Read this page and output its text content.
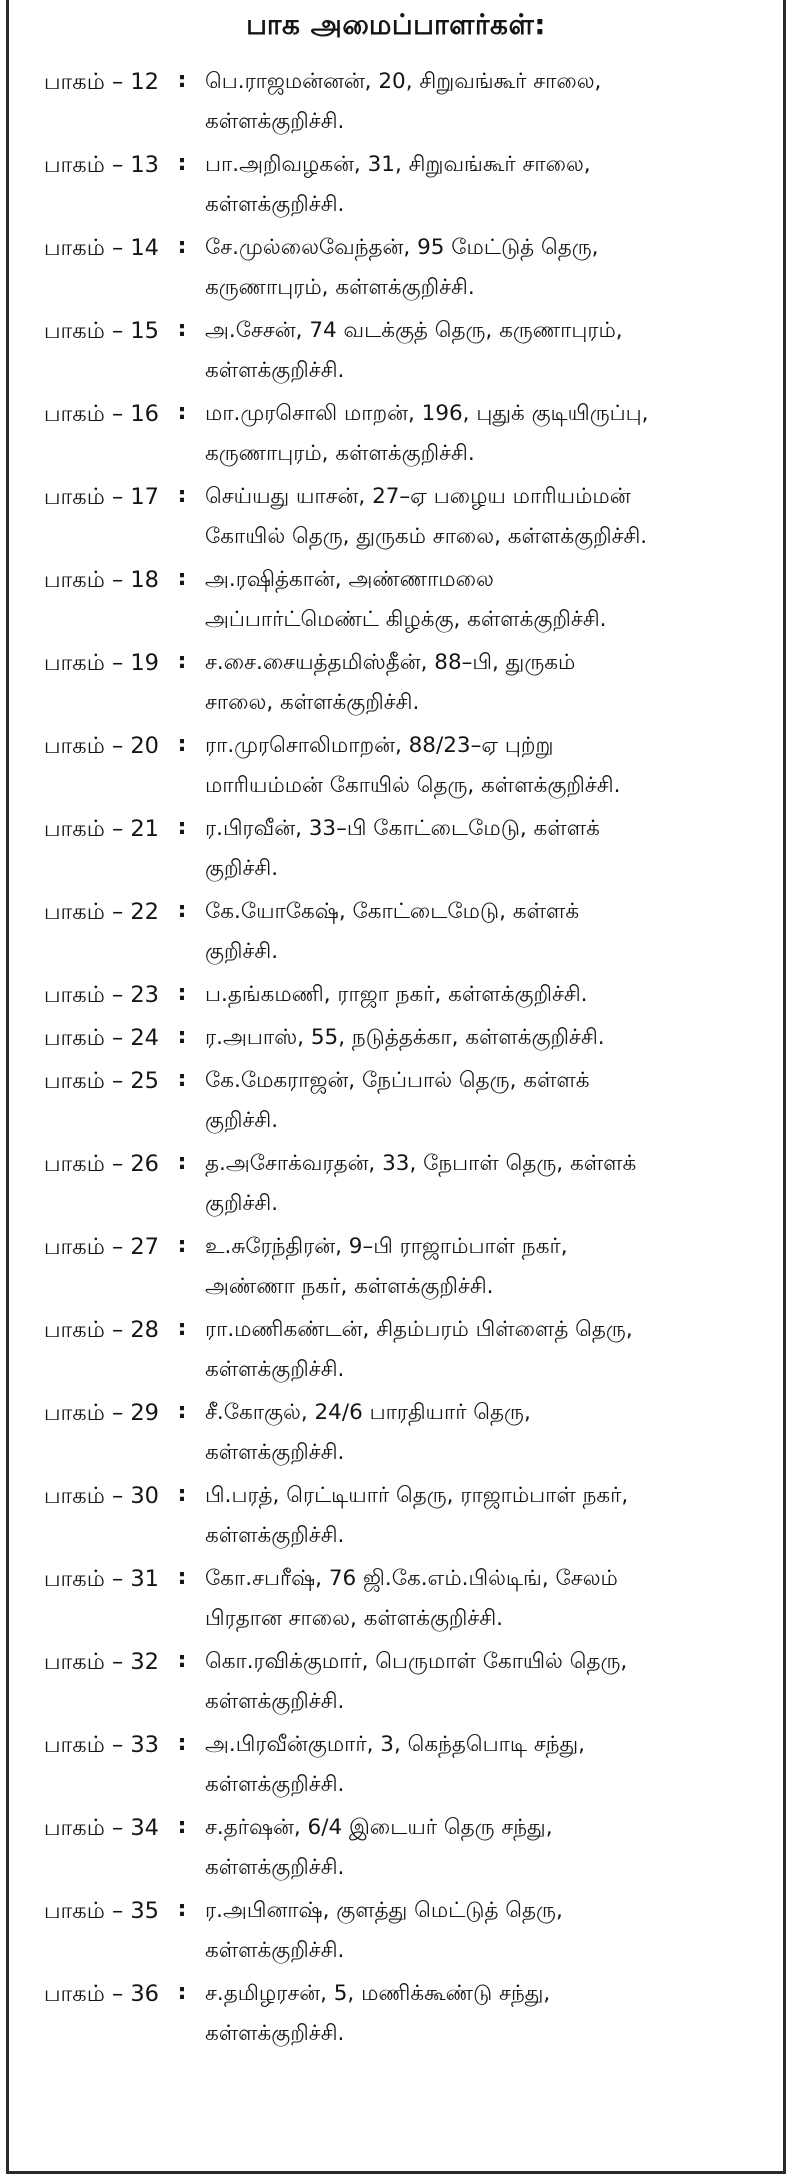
பாக அமைப்பாளர்கள்:
பாகம் – 12 : பெ.ராஜமன்னன், 20, சிறுவங்கூர் சாலை,
கள்ளக்குறிச்சி.
பாகம் – 13 : பா.அறிவழகன், 31, சிறுவங்கூர் சாலை,
கள்ளக்குறிச்சி.
பாகம் – 14 : சே.முல்லைவேந்தன், 95 மேட்டுத் தெரு,
கருணாபுரம், கள்ளக்குறிச்சி.
பாகம் – 15 : அ.சேசன், 74 வடக்குத் தெரு, கருணாபுரம்,
கள்ளக்குறிச்சி.
பாகம் – 16 : மா.முரசொலி மாறன், 196, புதுக் குடியிருப்பு,
கருணாபுரம், கள்ளக்குறிச்சி.
பாகம் – 17 : செய்யது யாசன், 27–ஏ பழைய மாரியம்மன்
கோயில் தெரு, துருகம் சாலை, கள்ளக்குறிச்சி.
பாகம் – 18 : அ.ரஷித்கான், அண்ணாமலை
அப்பார்ட்மெண்ட் கிழக்கு, கள்ளக்குறிச்சி.
பாகம் – 19 : ச.சை.சையத்தமிஸ்தீன், 88–பி, துருகம்
சாலை, கள்ளக்குறிச்சி.
பாகம் – 20 : ரா.முரசொலிமாறன், 88/23–ஏ புற்று
மாரியம்மன் கோயில் தெரு, கள்ளக்குறிச்சி.
பாகம் – 21 : ர.பிரவீன், 33–பி கோட்டைமேடு, கள்ளக்
குறிச்சி.
பாகம் – 22 : கே.யோகேஷ், கோட்டைமேடு, கள்ளக்
குறிச்சி.
பாகம் – 23 : ப.தங்கமணி, ராஜா நகர், கள்ளக்குறிச்சி.
பாகம் – 24 : ர.அபாஸ், 55, நடுத்தக்கா, கள்ளக்குறிச்சி.
பாகம் – 25 : கே.மேகராஜன், நேப்பால் தெரு, கள்ளக்
குறிச்சி.
பாகம் – 26 : த.அசோக்வரதன், 33, நேபாள் தெரு, கள்ளக்
குறிச்சி.
பாகம் – 27 : உ.சுரேந்திரன், 9–பி ராஜாம்பாள் நகர்,
அண்ணா நகர், கள்ளக்குறிச்சி.
பாகம் – 28 : ரா.மணிகண்டன், சிதம்பரம் பிள்ளைத் தெரு,
கள்ளக்குறிச்சி.
பாகம் – 29 : சீ.கோகுல், 24/6 பாரதியார் தெரு,
கள்ளக்குறிச்சி.
பாகம் – 30 : பி.பரத், ரெட்டியார் தெரு, ராஜாம்பாள் நகர்,
கள்ளக்குறிச்சி.
பாகம் – 31 : கோ.சபரீஷ், 76 ஜி.கே.எம்.பில்டிங், சேலம்
பிரதான சாலை, கள்ளக்குறிச்சி.
பாகம் – 32 : கொ.ரவிக்குமார், பெருமாள் கோயில் தெரு,
கள்ளக்குறிச்சி.
பாகம் – 33 : அ.பிரவீன்குமார், 3, கெந்தபொடி சந்து,
கள்ளக்குறிச்சி.
பாகம் – 34 : ச.தர்ஷன், 6/4 இடையர் தெரு சந்து,
கள்ளக்குறிச்சி.
பாகம் – 35 : ர.அபினாஷ், குளத்து மெட்டுத் தெரு,
கள்ளக்குறிச்சி.
பாகம் – 36 : ச.தமிழரசன், 5, மணிக்கூண்டு சந்து,
கள்ளக்குறிச்சி.
